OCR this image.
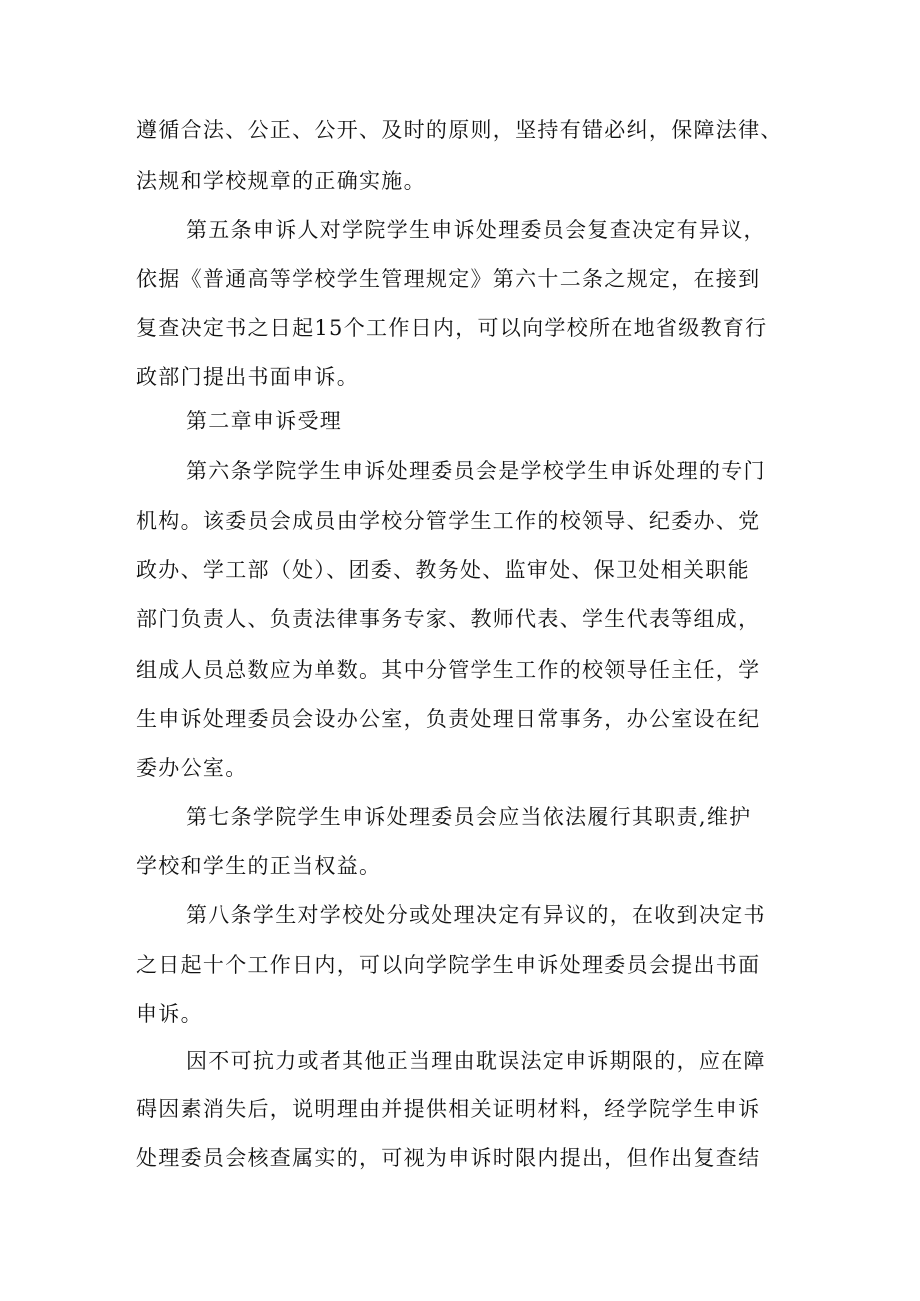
遵循合法、公正、公开、及时的原则，坚持有错必纠，保障法律、
法规和学校规章的正确实施。
第五条申诉人对学院学生申诉处理委员会复查决定有异议，
依据《普通高等学校学生管理规定》第六十二条之规定，在接到
复查决定书之日起15个工作日内，可以向学校所在地省级教育行
政部门提出书面申诉。
第二章申诉受理
第六条学院学生申诉处理委员会是学校学生申诉处理的专门
机构。该委员会成员由学校分管学生工作的校领导、纪委办、党
政办、学工部（处）、团委、教务处、监审处、保卫处相关职能
部门负责人、负责法律事务专家、教师代表、学生代表等组成，
组成人员总数应为单数。其中分管学生工作的校领导任主任，学
生申诉处理委员会设办公室，负责处理日常事务，办公室设在纪
委办公室。
第七条学院学生申诉处理委员会应当依法履行其职责,维护
学校和学生的正当权益。
第八条学生对学校处分或处理决定有异议的，在收到决定书
之日起十个工作日内，可以向学院学生申诉处理委员会提出书面
申诉。
因不可抗力或者其他正当理由耽误法定申诉期限的，应在障
碍因素消失后，说明理由并提供相关证明材料，经学院学生申诉
处理委员会核查属实的，可视为申诉时限内提出，但作出复查结
